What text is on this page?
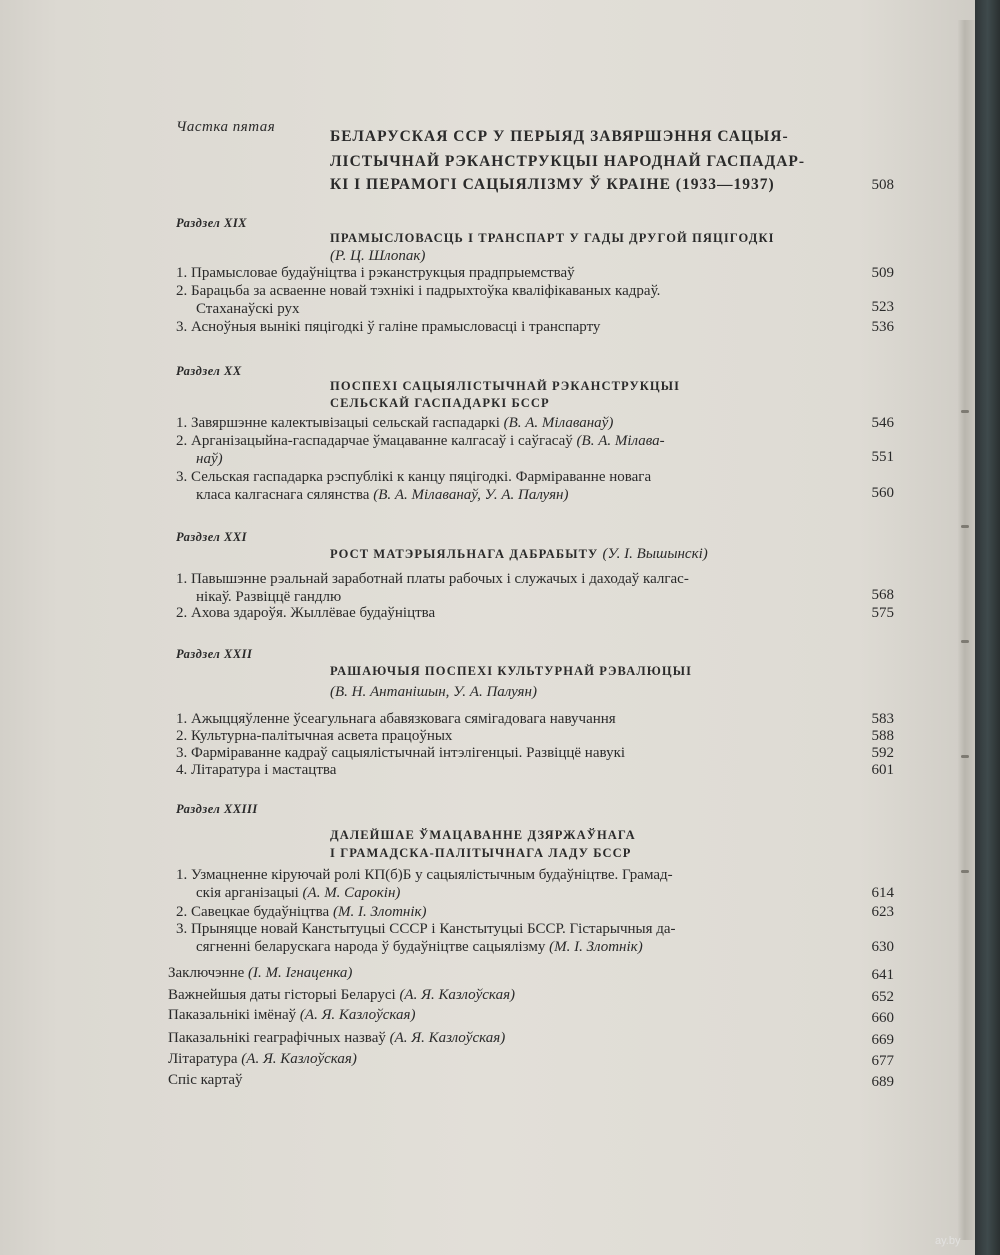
Частка пятая
БЕЛАРУСКАЯ ССР У ПЕРЫЯД ЗАВЯРШЭННЯ САЦЫЯ-
ЛІСТЫЧНАЙ РЭКАНСТРУКЦЫІ НАРОДНАЙ ГАСПАДАР-
КІ І ПЕРАМОГІ САЦЫЯЛІЗМУ Ў КРАІНЕ (1933—1937)	508
Раздзел XIX
ПРАМЫСЛОВАСЦЬ І ТРАНСПАРТ У ГАДЫ ДРУГОЙ ПЯЦІГОДКІ
(Р. Ц. Шлопак)
1. Прамысловае будаўніцтва і рэканструкцыя прадпрыемстваў	509
2. Барацьба за асваенне новай тэхнікі і падрыхтоўка кваліфікаваных кадраў.
Стаханаўскі рух	523
3. Асноўныя вынікі пяцігодкі ў галіне прамысловасці і транспарту	536
Раздзел XX
ПОСПЕХІ САЦЫЯЛІСТЫЧНАЙ РЭКАНСТРУКЦЫІ
СЕЛЬСКАЙ ГАСПАДАРКІ БССР
1. Завяршэнне калектывізацыі сельскай гаспадаркі (В. А. Мілаванаў)	546
2. Арганізацыйна-гаспадарчае ўмацаванне калгасаў і саўгасаў (В. А. Мілава-
наў)	551
3. Сельская гаспадарка рэспублікі к канцу пяцігодкі. Фарміраванне новага
класа калгаснага сялянства (В. А. Мілаванаў, У. А. Палуян)	560
Раздзел XXI
РОСТ МАТЭРЫЯЛЬНАГА ДАБРАБЫТУ (У. І. Вышынскі)
1. Павышэнне рэальнай заработнай платы рабочых і служачых і даходаў калгас-
нікаў. Развіццё гандлю	568
2. Ахова здароўя. Жыллёвае будаўніцтва	575
Раздзел XXII
РАШАЮЧЫЯ ПОСПЕХІ КУЛЬТУРНАЙ РЭВАЛЮЦЫІ
(В. Н. Антанішын, У. А. Палуян)
1. Ажыццяўленне ўсеагульнага абавязковага сямігадовага навучання	583
2. Культурна-палітычная асвета працоўных	588
3. Фарміраванне кадраў сацыялістычнай інтэлігенцыі. Развіццё навукі	592
4. Літаратура і мастацтва	601
Раздзел XXIII
ДАЛЕЙШАЕ ЎМАЦАВАННЕ ДЗЯРЖАЎНАГА
І ГРАМАДСКА-ПАЛІТЫЧНАГА ЛАДУ БССР
1. Узмацненне кіруючай ролі КП(б)Б у сацыялістычным будаўніцтве. Грамад-
скія арганізацыі (А. М. Сарокін)	614
2. Савецкае будаўніцтва (М. І. Злотнік)	623
3. Прыняцце новай Канстытуцыі СССР і Канстытуцыі БССР. Гістарычныя да-
сягненні беларускага народа ў будаўніцтве сацыялізму (М. І. Злотнік)	630
Заключэнне (І. М. Ігнаценка)	641
Важнейшыя даты гісторыі Беларусі (А. Я. Казлоўская)	652
Паказальнікі імёнаў (А. Я. Казлоўская)	660
Паказальнікі геаграфічных назваў (А. Я. Казлоўская)	669
Літаратура (А. Я. Казлоўская)	677
Спіс картаў	689
ay.by
